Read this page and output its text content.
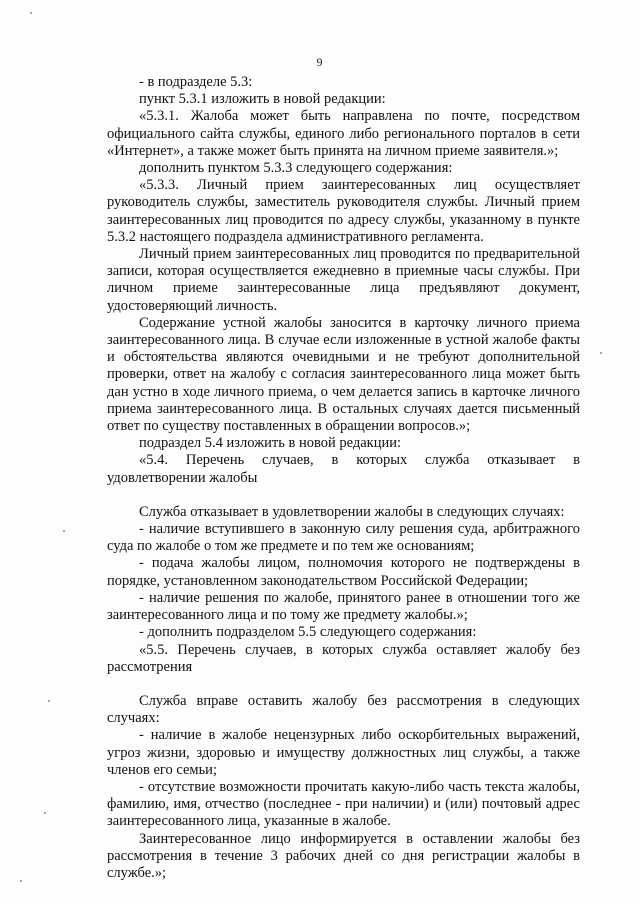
9

- в подразделе 5.3:

пункт 5.3.1 изложить в новой редакции:

«5.3.1. Жалоба может быть направлена по почте, посредством официального сайта службы, единого либо регионального порталов в сети «Интернет», а также может быть принята на личном приеме заявителя.»;

дополнить пунктом 5.3.3 следующего содержания:

«5.3.3. Личный прием заинтересованных лиц осуществляет руководитель службы, заместитель руководителя службы. Личный прием заинтересованных лиц проводится по адресу службы, указанному в пункте 5.3.2 настоящего подраздела административного регламента.

Личный прием заинтересованных лиц проводится по предварительной записи, которая осуществляется ежедневно в приемные часы службы. При личном приеме заинтересованные лица предъявляют документ, удостоверяющий личность.

Содержание устной жалобы заносится в карточку личного приема заинтересованного лица. В случае если изложенные в устной жалобе факты и обстоятельства являются очевидными и не требуют дополнительной проверки, ответ на жалобу с согласия заинтересованного лица может быть дан устно в ходе личного приема, о чем делается запись в карточке личного приема заинтересованного лица. В остальных случаях дается письменный ответ по существу поставленных в обращении вопросов.»;

подраздел 5.4 изложить в новой редакции:

«5.4. Перечень случаев, в которых служба отказывает в удовлетворении жалобы

Служба отказывает в удовлетворении жалобы в следующих случаях:

- наличие вступившего в законную силу решения суда, арбитражного суда по жалобе о том же предмете и по тем же основаниям;

- подача жалобы лицом, полномочия которого не подтверждены в порядке, установленном законодательством Российской Федерации;

- наличие решения по жалобе, принятого ранее в отношении того же заинтересованного лица и по тому же предмету жалобы.»;

- дополнить подразделом 5.5 следующего содержания:

«5.5. Перечень случаев, в которых служба оставляет жалобу без рассмотрения

Служба вправе оставить жалобу без рассмотрения в следующих случаях:

- наличие в жалобе нецензурных либо оскорбительных выражений, угроз жизни, здоровью и имуществу должностных лиц службы, а также членов его семьи;

- отсутствие возможности прочитать какую-либо часть текста жалобы, фамилию, имя, отчество (последнее - при наличии) и (или) почтовый адрес заинтересованного лица, указанные в жалобе.

Заинтересованное лицо информируется в оставлении жалобы без рассмотрения в течение 3 рабочих дней со дня регистрации жалобы в службе.»;
